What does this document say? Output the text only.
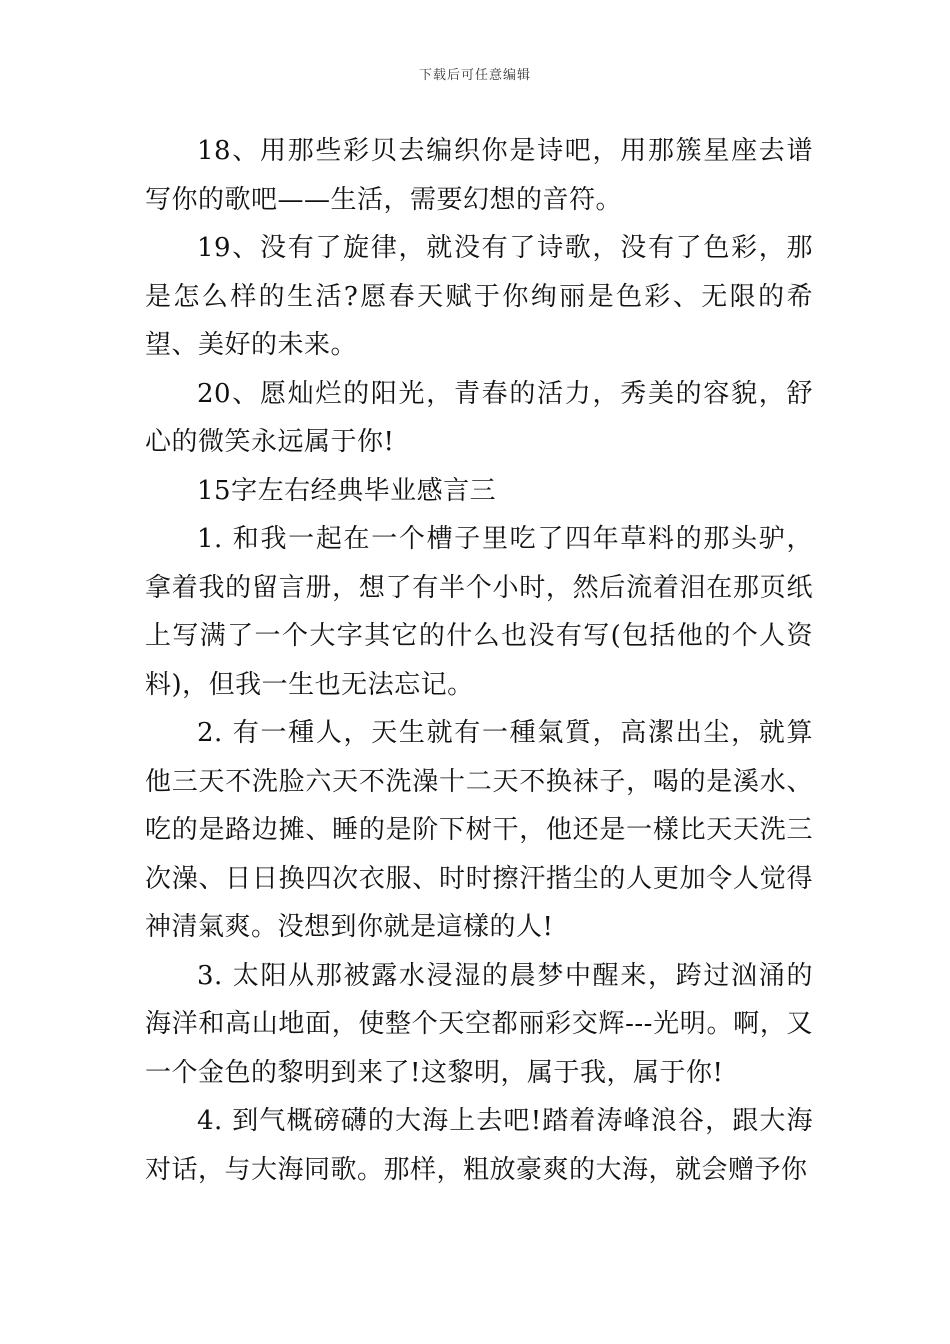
下载后可任意编辑

18、用那些彩贝去编织你是诗吧，用那簇星座去谱写你的歌吧——生活，需要幻想的音符。

19、没有了旋律，就没有了诗歌，没有了色彩，那是怎么样的生活?愿春天赋于你绚丽是色彩、无限的希望、美好的未来。

20、愿灿烂的阳光，青春的活力，秀美的容貌，舒心的微笑永远属于你!

15字左右经典毕业感言三

1. 和我一起在一个槽子里吃了四年草料的那头驴，拿着我的留言册，想了有半个小时，然后流着泪在那页纸上写满了一个大字其它的什么也没有写(包括他的个人资料)，但我一生也无法忘记。

2. 有一種人，天生就有一種氣質，高潔出尘，就算他三天不洗脸六天不洗澡十二天不换袜子，喝的是溪水、吃的是路边摊、睡的是阶下树干，他还是一樣比天天洗三次澡、日日换四次衣服、时时擦汗揩尘的人更加令人觉得神清氣爽。没想到你就是這樣的人!

3. 太阳从那被露水浸湿的晨梦中醒来，跨过汹涌的海洋和高山地面，使整个天空都丽彩交辉---光明。啊，又一个金色的黎明到来了!这黎明，属于我，属于你!

4. 到气概磅礴的大海上去吧!踏着涛峰浪谷，跟大海对话，与大海同歌。那样，粗放豪爽的大海，就会赠予你
